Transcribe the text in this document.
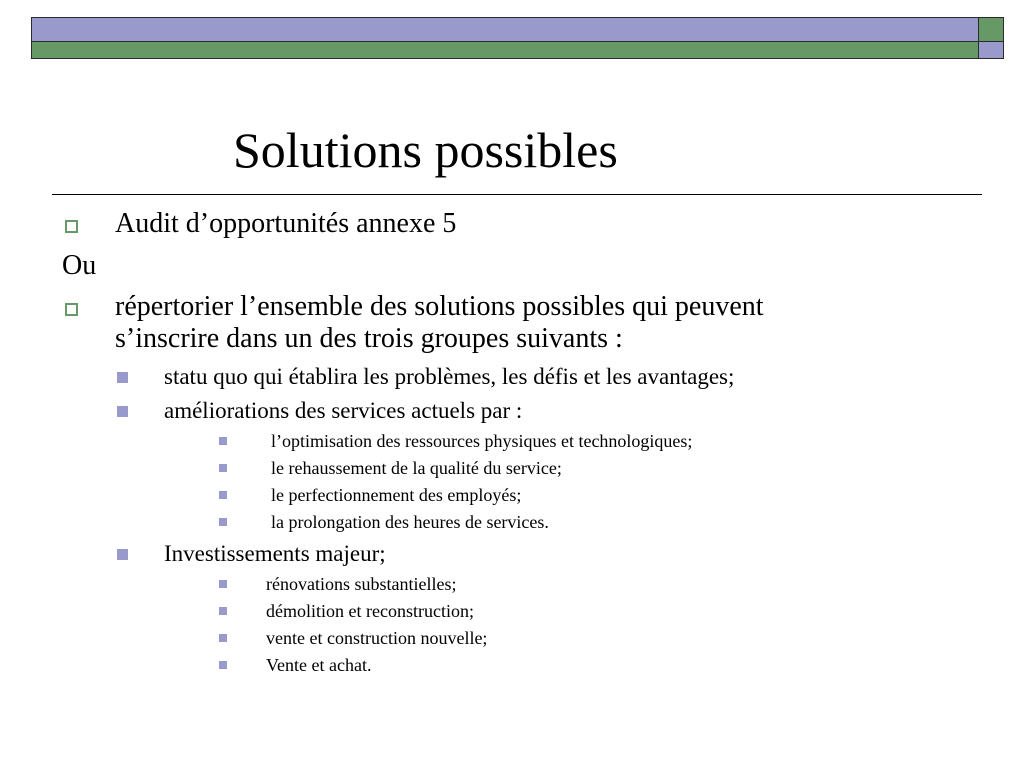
Solutions possibles
Audit d’opportunités annexe 5
Ou
répertorier l’ensemble des solutions possibles qui peuvent
s’inscrire dans un des trois groupes suivants :
statu quo qui établira les problèmes, les défis et les avantages;
améliorations des services actuels par :
l’optimisation des ressources physiques et technologiques;
le rehaussement de la qualité du service;
le perfectionnement des employés;
la prolongation des heures de services.
Investissements majeur;
rénovations substantielles;
démolition et reconstruction;
vente et construction nouvelle;
Vente et achat.
